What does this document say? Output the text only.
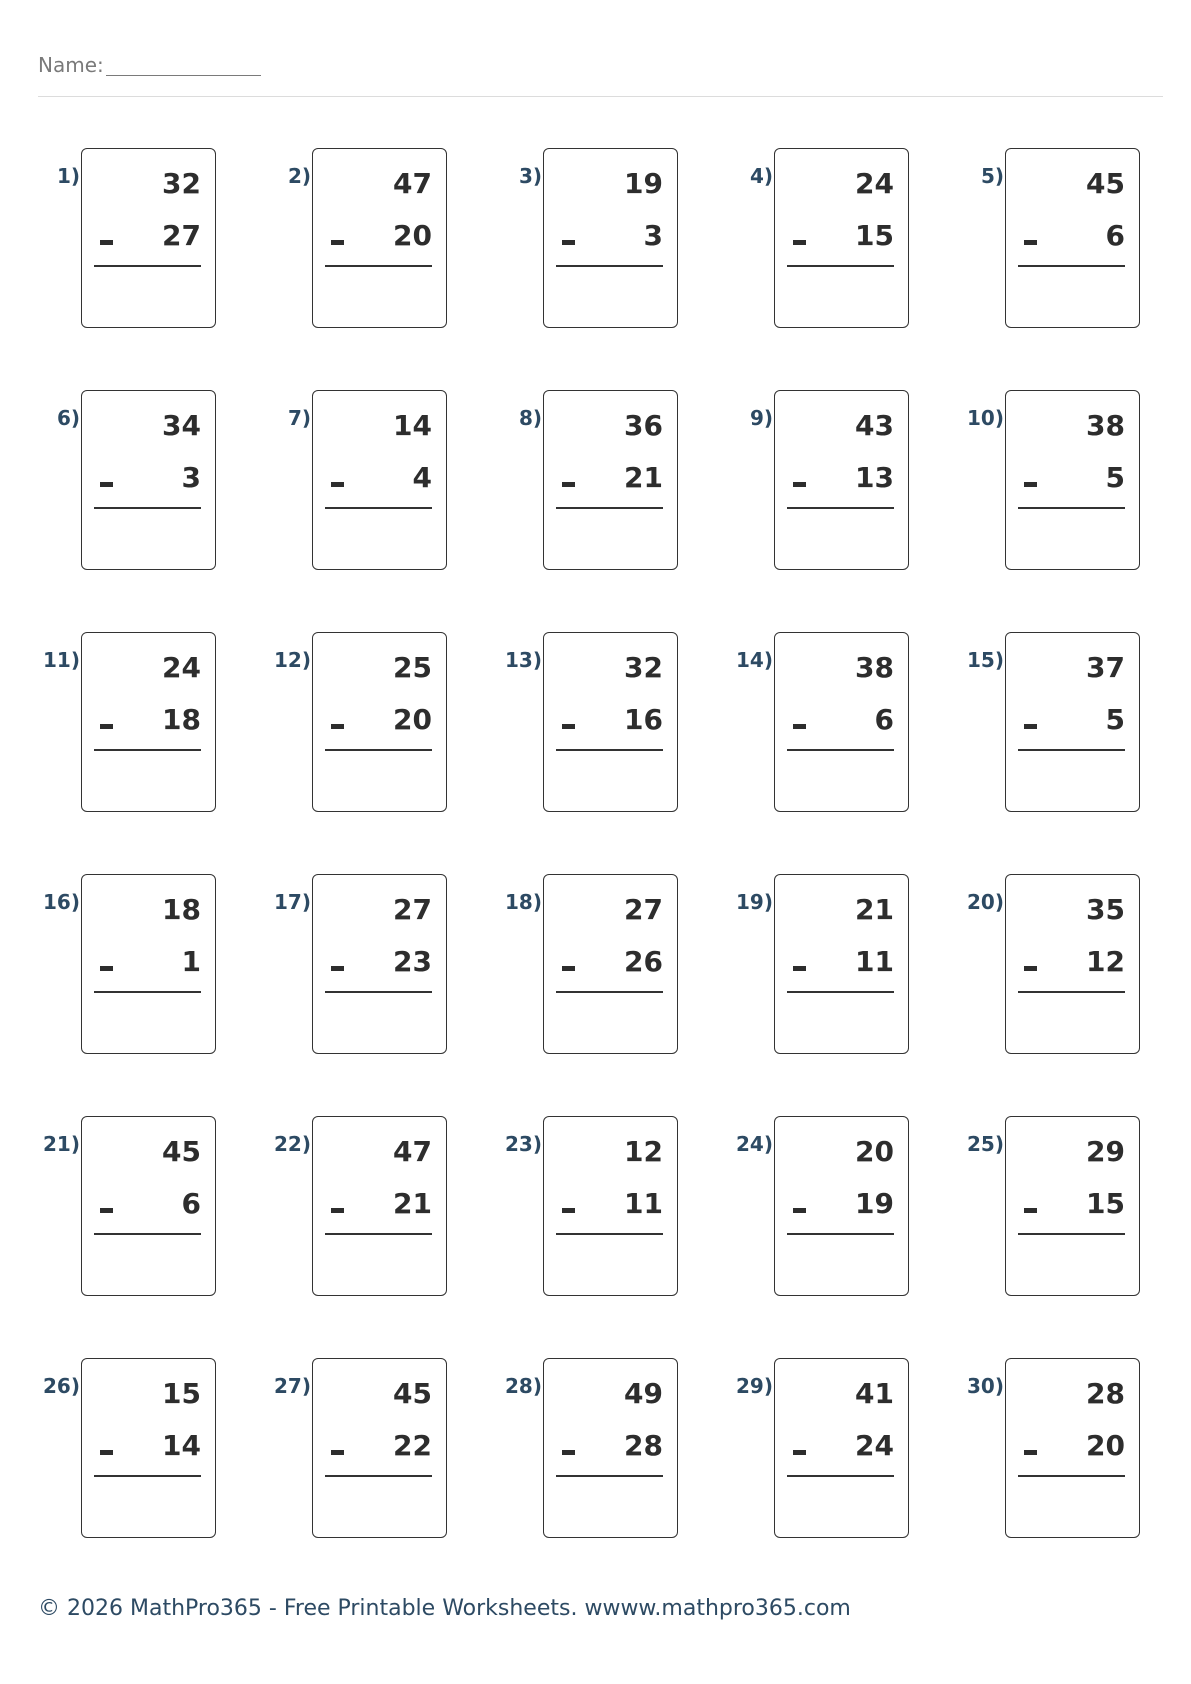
Name:
1)	32
27
2)	47
20
3)	19
3
4)	24
15
5)	45
6
6)	34
3
7)	14
4
8)	36
21
9)	43
13
10)	38
5
11)	24
18
12)	25
20
13)	32
16
14)	38
6
15)	37
5
16)	18
1
17)	27
23
18)	27
26
19)	21
11
20)	35
12
21)	45
6
22)	47
21
23)	12
11
24)	20
19
25)	29
15
26)	15
14
27)	45
22
28)	49
28
29)	41
24
30)	28
20
© 2026 MathPro365 - Free Printable Worksheets. wwww.mathpro365.com
